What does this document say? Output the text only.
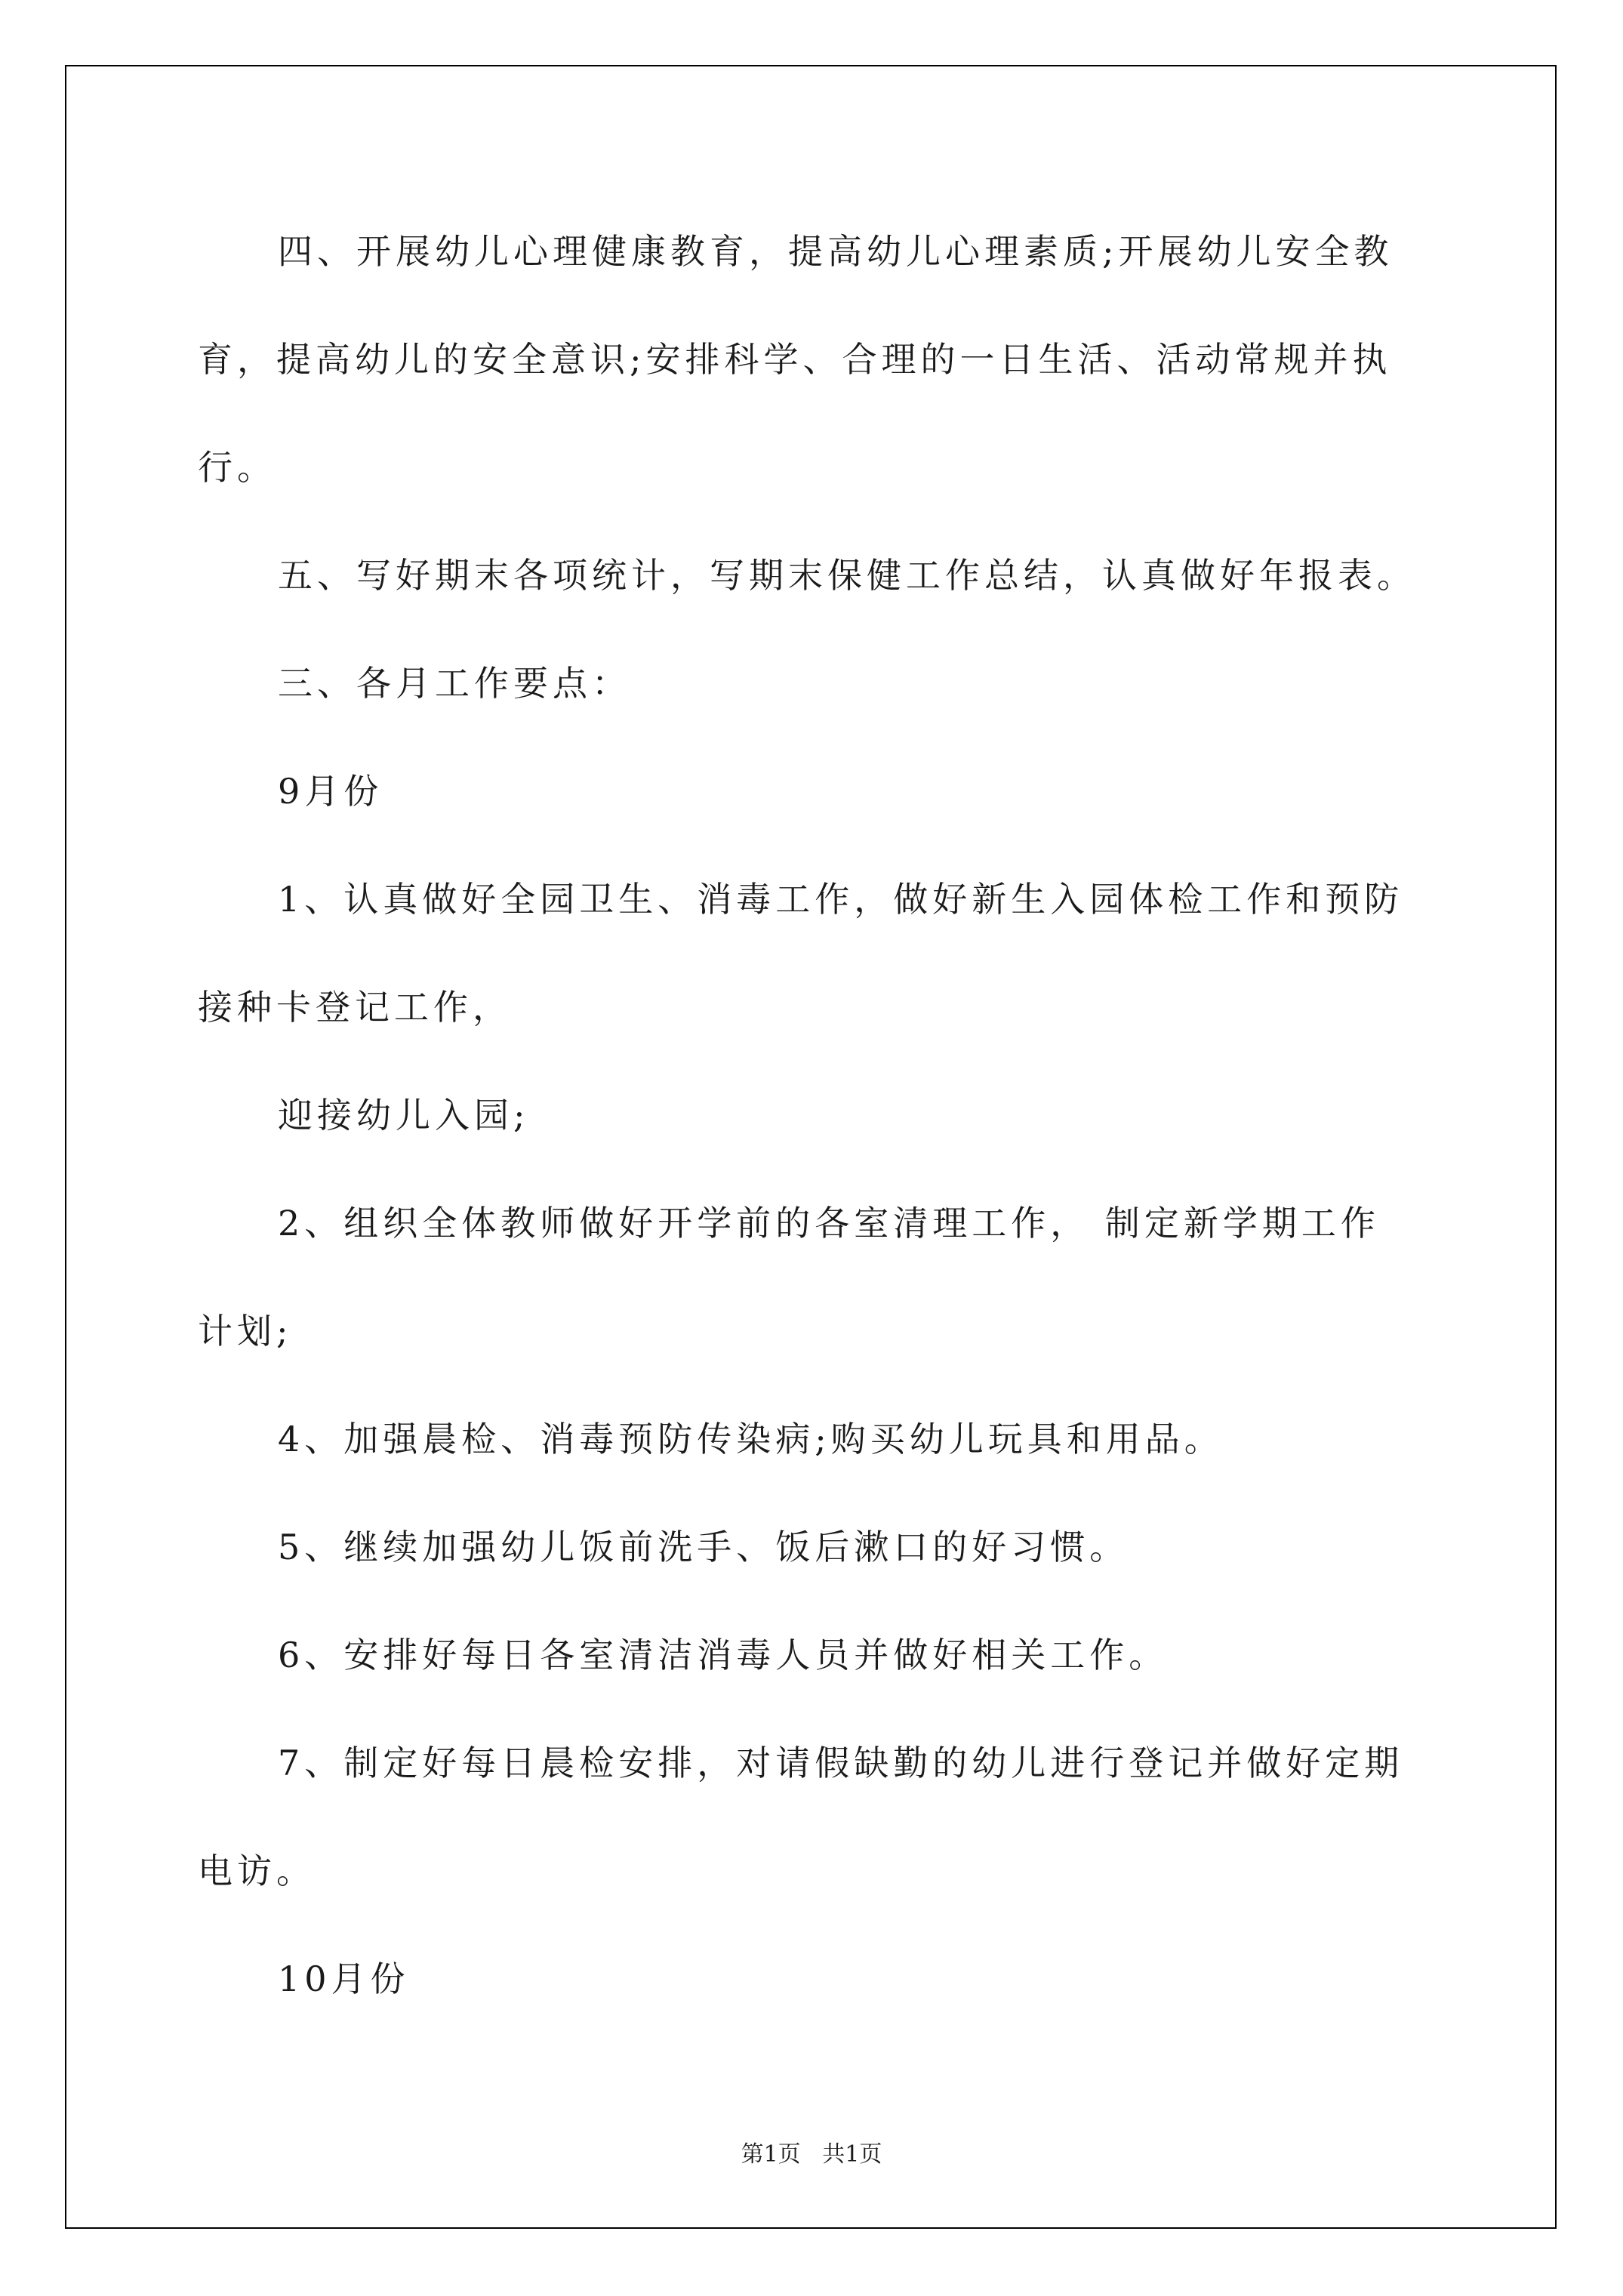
四、开展幼儿心理健康教育，提高幼儿心理素质;开展幼儿安全教

育，提高幼儿的安全意识;安排科学、合理的一日生活、活动常规并执

行。

五、写好期末各项统计，写期末保健工作总结，认真做好年报表。

三、各月工作要点：

9月份

1、认真做好全园卫生、消毒工作，做好新生入园体检工作和预防

接种卡登记工作，

迎接幼儿入园;

2、组织全体教师做好开学前的各室清理工作， 制定新学期工作

计划;

4、加强晨检、消毒预防传染病;购买幼儿玩具和用品。

5、继续加强幼儿饭前洗手、饭后漱口的好习惯。

6、安排好每日各室清洁消毒人员并做好相关工作。

7、制定好每日晨检安排，对请假缺勤的幼儿进行登记并做好定期

电访。

10月份

第1页   共1页
